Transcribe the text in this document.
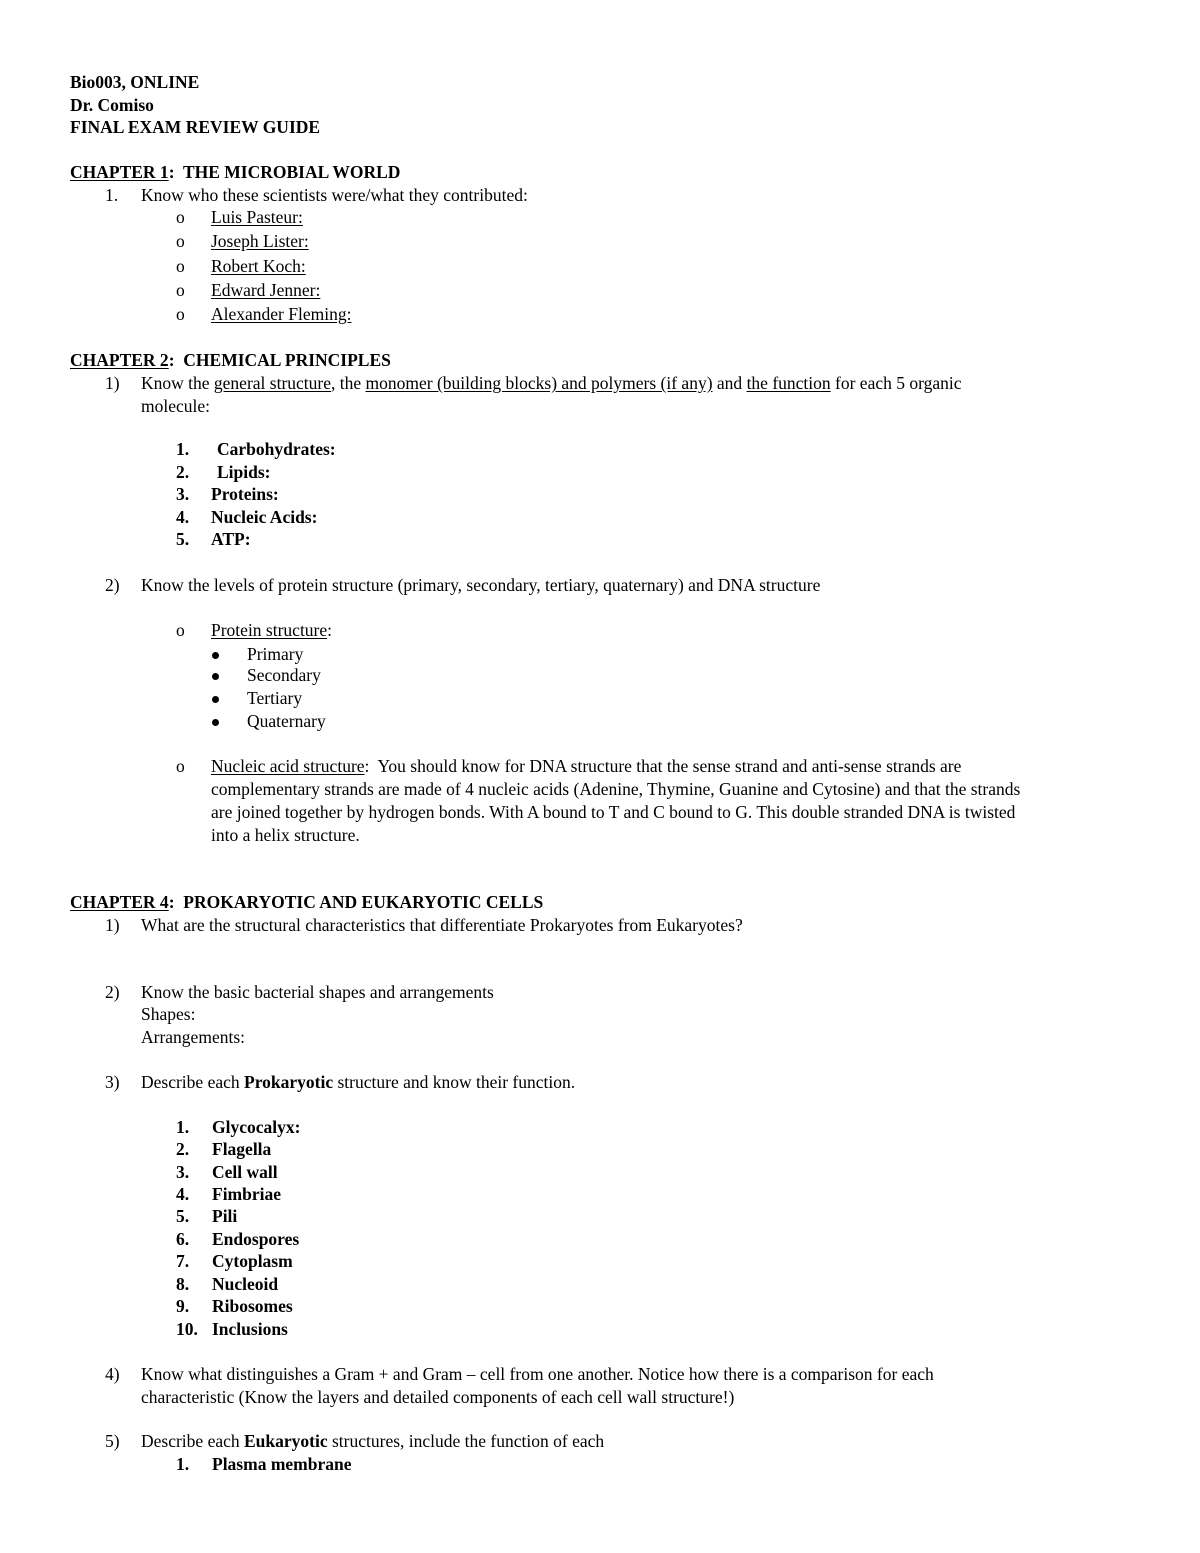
Bio003, ONLINE
Dr. Comiso
FINAL EXAM REVIEW GUIDE
CHAPTER 1:  THE MICROBIAL WORLD
1. Know who these scientists were/what they contributed:
o Luis Pasteur:
o Joseph Lister:
o Robert Koch:
o Edward Jenner:
o Alexander Fleming:
CHAPTER 2:  CHEMICAL PRINCIPLES
1) Know the general structure, the monomer (building blocks) and polymers (if any) and the function for each 5 organic
molecule:
1. Carbohydrates:
2. Lipids:
3. Proteins:
4. Nucleic Acids:
5. ATP:
2) Know the levels of protein structure (primary, secondary, tertiary, quaternary) and DNA structure
o Protein structure:
Primary
Secondary
Tertiary
Quaternary
o Nucleic acid structure:  You should know for DNA structure that the sense strand and anti-sense strands are
complementary strands are made of 4 nucleic acids (Adenine, Thymine, Guanine and Cytosine) and that the strands
are joined together by hydrogen bonds. With A bound to T and C bound to G. This double stranded DNA is twisted
into a helix structure.
CHAPTER 4:  PROKARYOTIC AND EUKARYOTIC CELLS
1) What are the structural characteristics that differentiate Prokaryotes from Eukaryotes?
2) Know the basic bacterial shapes and arrangements
Shapes:
Arrangements:
3) Describe each Prokaryotic structure and know their function.
1. Glycocalyx:
2. Flagella
3. Cell wall
4. Fimbriae
5. Pili
6. Endospores
7. Cytoplasm
8. Nucleoid
9. Ribosomes
10. Inclusions
4) Know what distinguishes a Gram + and Gram – cell from one another. Notice how there is a comparison for each
characteristic (Know the layers and detailed components of each cell wall structure!)
5) Describe each Eukaryotic structures, include the function of each
1. Plasma membrane
